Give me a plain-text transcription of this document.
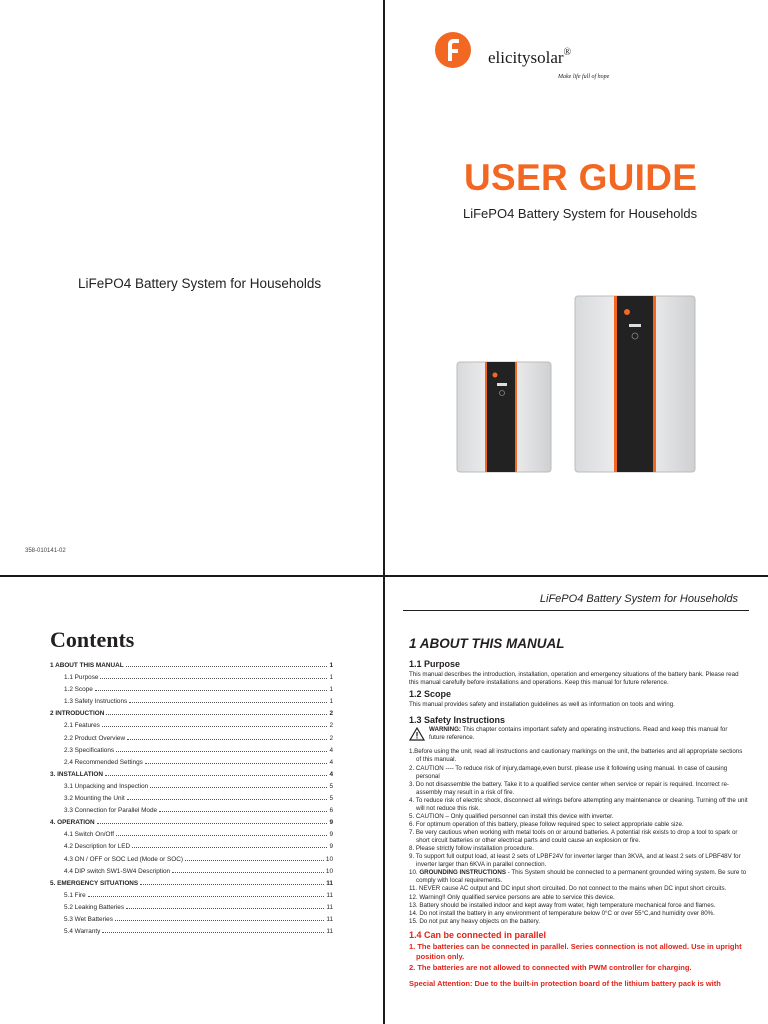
LiFePO4 Battery System for Households
358-010141-02
elicitysolar®
Make life full of hope
USER GUIDE
LiFePO4 Battery System for Households
Contents
1 ABOUT THIS MANUAL	1
1.1 Purpose	1
1.2 Scope	1
1.3 Safety Instructions	1
2 INTRODUCTION	2
2.1 Features	2
2.2 Product Overview	2
2.3 Specifications	4
2.4 Recommended Settings	4
3. INSTALLATION	4
3.1 Unpacking and Inspection	5
3.2 Mounting the Unit	5
3.3 Connection for Parallel Mode	6
4. OPERATION	9
4.1 Switch On/Off	9
4.2 Description for LED	9
4.3 ON / OFF or SOC Led (Mode or SOC)	10
4.4 DIP switch SW1-SW4 Description	10
5. EMERGENCY SITUATIONS	11
5.1 Fire	11
5.2 Leaking Batteries	11
5.3 Wet Batteries	11
5.4 Warranty	11
LiFePO4 Battery System for Households
1 ABOUT THIS MANUAL
1.1 Purpose

This manual describes the introduction, installation, operation and emergency situations of the battery bank. Please read this manual carefully before installations and operations. Keep this manual for future reference.

1.2 Scope

This manual provides safety and installation guidelines as well as information on tools and wiring.

1.3 Safety Instructions
WARNING: This chapter contains important safety and operating instructions. Read and keep this manual for future reference.
1.Before using the unit, read all instructions and cautionary markings on the unit, the batteries and all appropriate sections of this manual.
2. CAUTION ---- To reduce risk of injury,damage,even burst. please use it following using manual. In case of causing personal
3. Do not disassemble the battery. Take it to a qualified service center when service or repair is required. Incorrect re-assembly may result in a risk of fire.
4. To reduce risk of electric shock, disconnect all wirings before attempting any maintenance or cleaning. Turning off the unit will not reduce this risk.
5. CAUTION – Only qualified personnel can install this device with inverter.
6. For optimum operation of this battery, please follow required spec to select appropriate cable size.
7. Be very cautious when working with metal tools on or around batteries. A potential risk exists to drop a tool to spark or short circuit batteries or other electrical parts and could cause an explosion or fire.
8. Please strictly follow installation procedure.
9. To support full output load, at least 2 sets of LPBF24V for inverter larger than 3KVA, and at least 2 sets of LPBF48V for inverter larger than 6KVA in parallel connection.
10. GROUNDING INSTRUCTIONS - This System should be connected to a permanent grounded wiring system. Be sure to comply with local requirements.
11. NEVER cause AC output and DC input short circuited. Do not connect to the mains when DC input short circuits.
12. Warning!! Only qualified service persons are able to service this device.
13. Battery should be installed indoor and kept away from water, high temperature mechanical force and flames.
14. Do not install the battery in any environment of temperature below 0°C or over 55°C,and humidity over 80%.
15. Do not put any heavy objects on the battery.
1.4 Can be connected in parallel
1. The batteries can be connected in parallel. Series connection is not allowed. Use in upright position only.
2. The batteries are not allowed to connected with PWM controller for charging.
Special Attention: Due to the built-in protection board of the lithium battery pack is with
